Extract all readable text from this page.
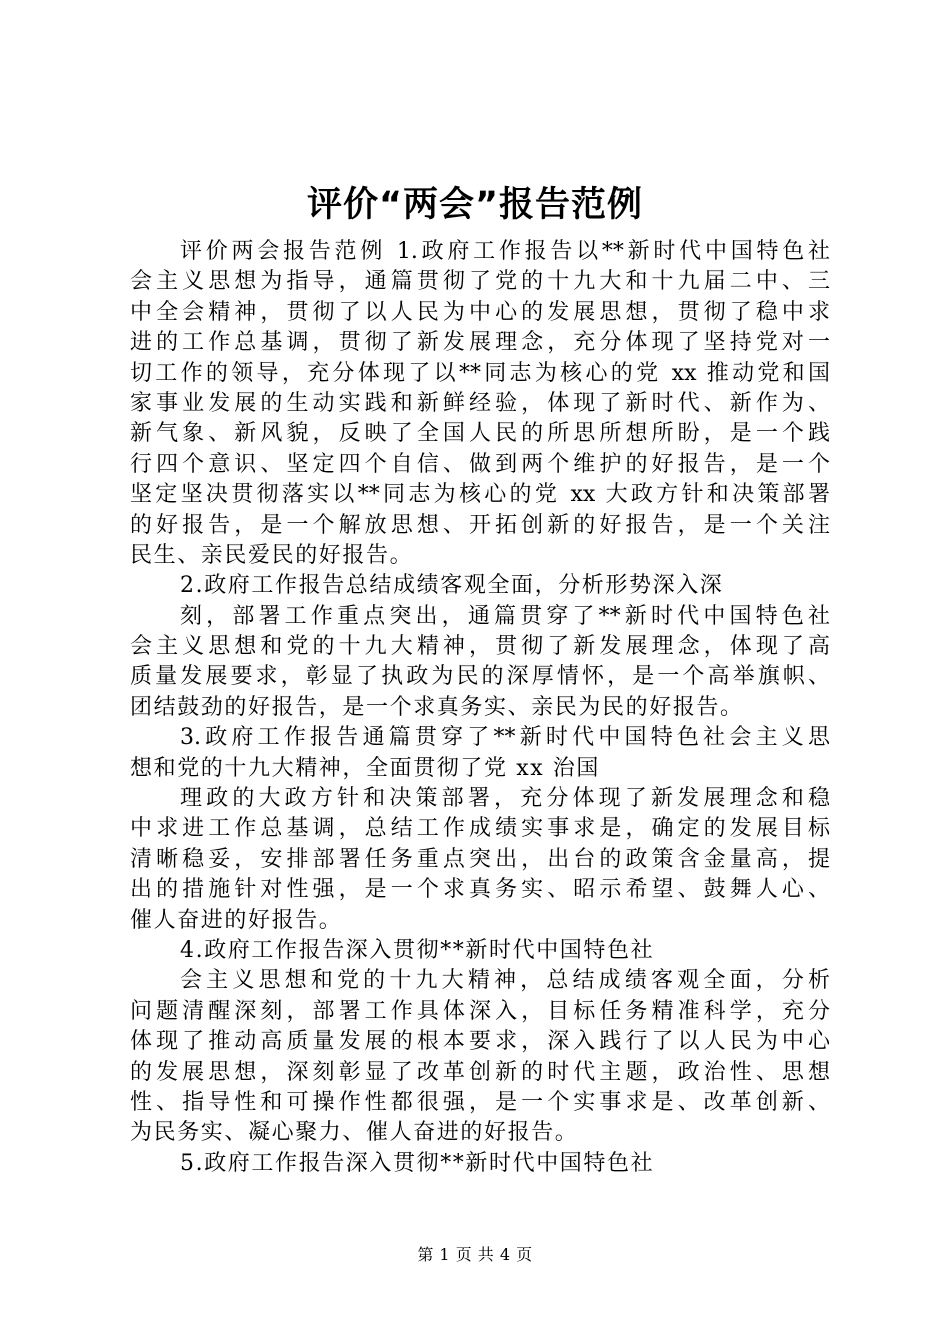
评价“两会”报告范例
评价两会报告范例 1.政府工作报告以**新时代中国特色社
会主义思想为指导，通篇贯彻了党的十九大和十九届二中、三
中全会精神，贯彻了以人民为中心的发展思想，贯彻了稳中求
进的工作总基调，贯彻了新发展理念，充分体现了坚持党对一
切工作的领导，充分体现了以**同志为核心的党 xx 推动党和国
家事业发展的生动实践和新鲜经验，体现了新时代、新作为、
新气象、新风貌，反映了全国人民的所思所想所盼，是一个践
行四个意识、坚定四个自信、做到两个维护的好报告，是一个
坚定坚决贯彻落实以**同志为核心的党 xx 大政方针和决策部署
的好报告，是一个解放思想、开拓创新的好报告，是一个关注
民生、亲民爱民的好报告。
2.政府工作报告总结成绩客观全面，分析形势深入深
刻，部署工作重点突出，通篇贯穿了**新时代中国特色社
会主义思想和党的十九大精神，贯彻了新发展理念，体现了高
质量发展要求，彰显了执政为民的深厚情怀，是一个高举旗帜、
团结鼓劲的好报告，是一个求真务实、亲民为民的好报告。
3.政府工作报告通篇贯穿了**新时代中国特色社会主义思
想和党的十九大精神，全面贯彻了党 xx 治国
理政的大政方针和决策部署，充分体现了新发展理念和稳
中求进工作总基调，总结工作成绩实事求是，确定的发展目标
清晰稳妥，安排部署任务重点突出，出台的政策含金量高，提
出的措施针对性强，是一个求真务实、昭示希望、鼓舞人心、
催人奋进的好报告。
4.政府工作报告深入贯彻**新时代中国特色社
会主义思想和党的十九大精神，总结成绩客观全面，分析
问题清醒深刻，部署工作具体深入，目标任务精准科学，充分
体现了推动高质量发展的根本要求，深入践行了以人民为中心
的发展思想，深刻彰显了改革创新的时代主题，政治性、思想
性、指导性和可操作性都很强，是一个实事求是、改革创新、
为民务实、凝心聚力、催人奋进的好报告。
5.政府工作报告深入贯彻**新时代中国特色社
第 1 页 共 4 页
